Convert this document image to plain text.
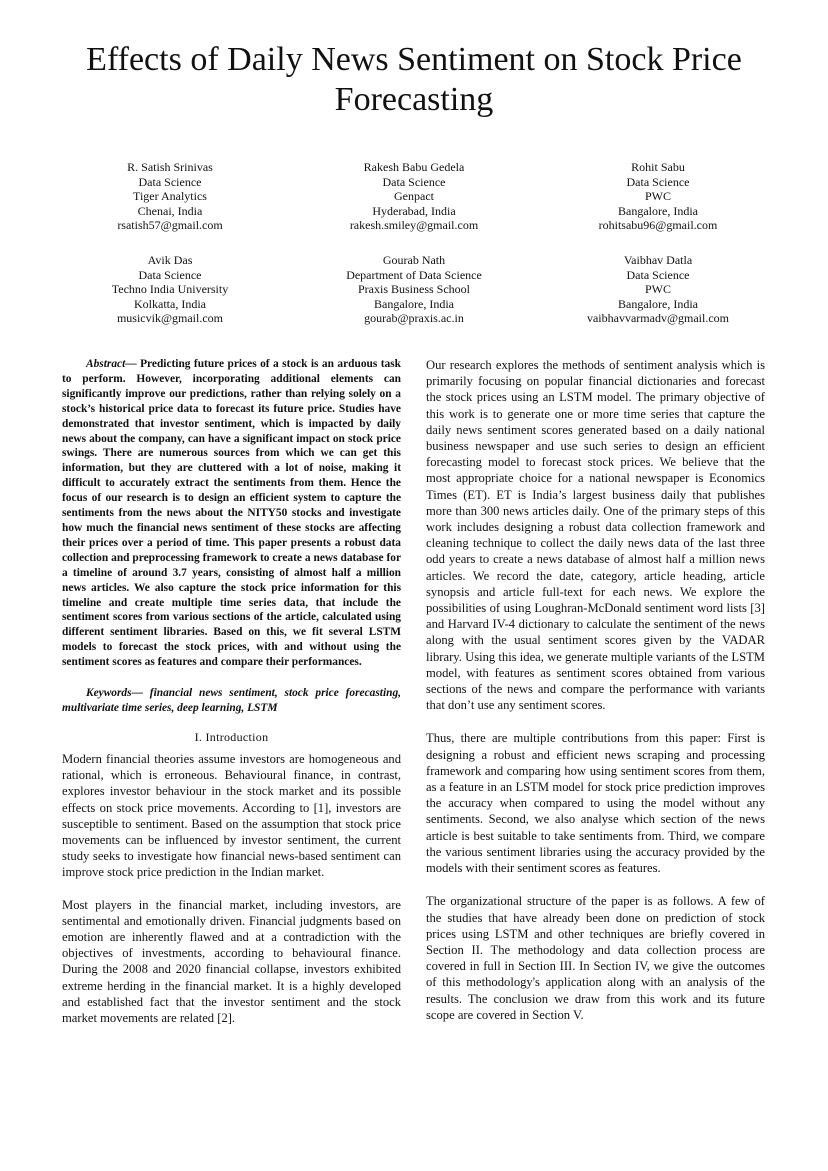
Effects of Daily News Sentiment on Stock Price Forecasting
R. Satish Srinivas
Data Science
Tiger Analytics
Chenai, India
rsatish57@gmail.com
Rakesh Babu Gedela
Data Science
Genpact
Hyderabad, India
rakesh.smiley@gmail.com
Rohit Sabu
Data Science
PWC
Bangalore, India
rohitsabu96@gmail.com
Avik Das
Data Science
Techno India University
Kolkatta, India
musicvik@gmail.com
Gourab Nath
Department of Data Science
Praxis Business School
Bangalore, India
gourab@praxis.ac.in
Vaibhav Datla
Data Science
PWC
Bangalore, India
vaibhavvarmadv@gmail.com

Abstract— Predicting future prices of a stock is an arduous task to perform. However, incorporating additional elements can significantly improve our predictions, rather than relying solely on a stock’s historical price data to forecast its future price. Studies have demonstrated that investor sentiment, which is impacted by daily news about the company, can have a significant impact on stock price swings. There are numerous sources from which we can get this information, but they are cluttered with a lot of noise, making it difficult to accurately extract the sentiments from them. Hence the focus of our research is to design an efficient system to capture the sentiments from the news about the NITY50 stocks and investigate how much the financial news sentiment of these stocks are affecting their prices over a period of time. This paper presents a robust data collection and preprocessing framework to create a news database for a timeline of around 3.7 years, consisting of almost half a million news articles. We also capture the stock price information for this timeline and create multiple time series data, that include the sentiment scores from various sections of the article, calculated using different sentiment libraries. Based on this, we fit several LSTM models to forecast the stock prices, with and without using the sentiment scores as features and compare their performances.

Keywords— financial news sentiment, stock price forecasting, multivariate time series, deep learning, LSTM

I. Introduction

Modern financial theories assume investors are homogeneous and rational, which is erroneous. Behavioural finance, in contrast, explores investor behaviour in the stock market and its possible effects on stock price movements. According to [1], investors are susceptible to sentiment. Based on the assumption that stock price movements can be influenced by investor sentiment, the current study seeks to investigate how financial news-based sentiment can improve stock price prediction in the Indian market.

Most players in the financial market, including investors, are sentimental and emotionally driven. Financial judgments based on emotion are inherently flawed and at a contradiction with the objectives of investments, according to behavioural finance. During the 2008 and 2020 financial collapse, investors exhibited extreme herding in the financial market. It is a highly developed and established fact that the investor sentiment and the stock market movements are related [2].

Our research explores the methods of sentiment analysis which is primarily focusing on popular financial dictionaries and forecast the stock prices using an LSTM model. The primary objective of this work is to generate one or more time series that capture the daily news sentiment scores generated based on a daily national business newspaper and use such series to design an efficient forecasting model to forecast stock prices. We believe that the most appropriate choice for a national newspaper is Economics Times (ET). ET is India’s largest business daily that publishes more than 300 news articles daily. One of the primary steps of this work includes designing a robust data collection framework and cleaning technique to collect the daily news data of the last three odd years to create a news database of almost half a million news articles. We record the date, category, article heading, article synopsis and article full-text for each news. We explore the possibilities of using Loughran-McDonald sentiment word lists [3] and Harvard IV-4 dictionary to calculate the sentiment of the news along with the usual sentiment scores given by the VADAR library. Using this idea, we generate multiple variants of the LSTM model, with features as sentiment scores obtained from various sections of the news and compare the performance with variants that don’t use any sentiment scores.

Thus, there are multiple contributions from this paper: First is designing a robust and efficient news scraping and processing framework and comparing how using sentiment scores from them, as a feature in an LSTM model for stock price prediction improves the accuracy when compared to using the model without any sentiments. Second, we also analyse which section of the news article is best suitable to take sentiments from. Third, we compare the various sentiment libraries using the accuracy provided by the models with their sentiment scores as features.

The organizational structure of the paper is as follows. A few of the studies that have already been done on prediction of stock prices using LSTM and other techniques are briefly covered in Section II. The methodology and data collection process are covered in full in Section III. In Section IV, we give the outcomes of this methodology's application along with an analysis of the results. The conclusion we draw from this work and its future scope are covered in Section V.
